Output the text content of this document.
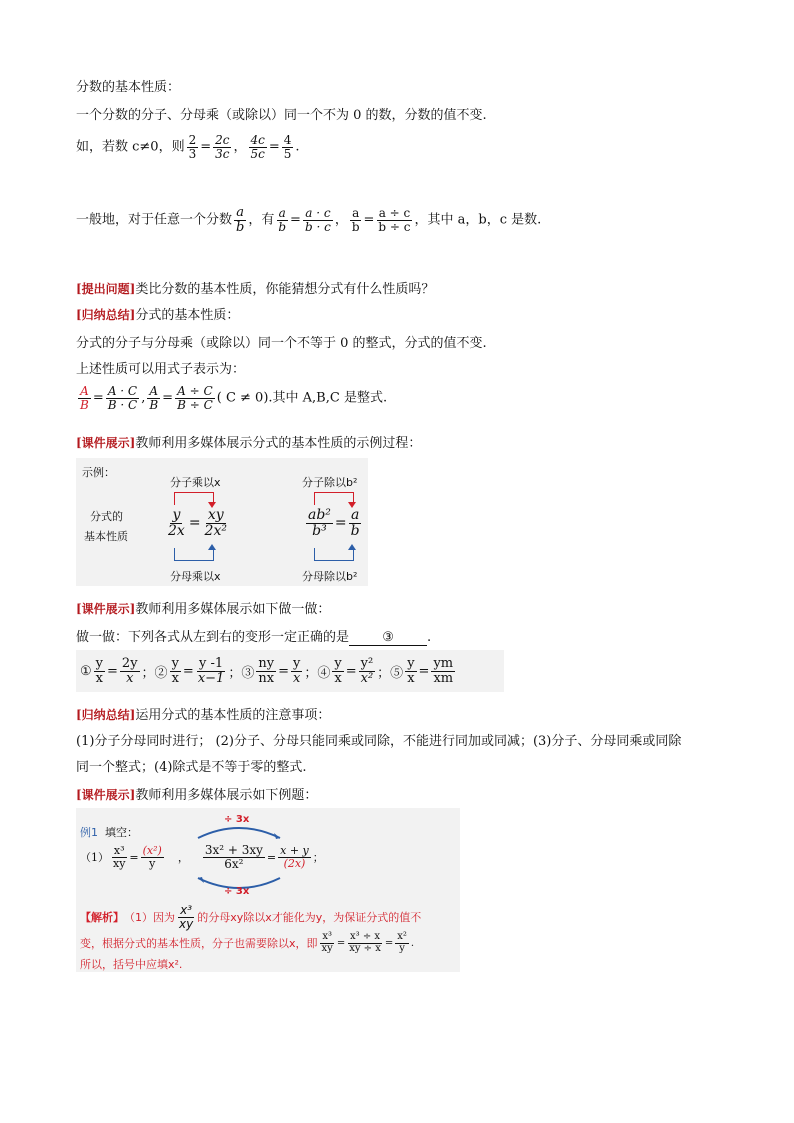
分数的基本性质：
一个分数的分子、分母乘（或除以）同一个不为 0 的数，分数的值不变.
如，若数 c≠0，则 $\frac{2}{3} = \frac{2c}{3c}$ ， $\frac{4c}{5c} = \frac{4}{5}$ .
一般地，对于任意一个分数 $\frac{a}{b}$ ，有 $\frac{a}{b} = \frac{a \cdot c}{b \cdot c}$ ， $\frac{a}{b} = \frac{a \div c}{b \div c}$ ，其中 a，b，c 是数.
[提出问题]类比分数的基本性质，你能猜想分式有什么性质吗？
[归纳总结]分式的基本性质：
分式的分子与分母乘（或除以）同一个不等于 0 的整式，分式的值不变.
上述性质可以用式子表示为：
$\frac{A}{B} = \frac{A \cdot C}{B \cdot C}$ , $\frac{A}{B} = \frac{A \div C}{B \div C}$ ( C ≠ 0).其中 A,B,C 是整式.
[课件展示]教师利用多媒体展示分式的基本性质的示例过程：
示例：
分式的
基本性质
分子乘以x
$\frac{y}{2x} = \frac{xy}{\text{2x²}}$
分母乘以x
分子除以b²
$\frac{\text{ab²}}{\text{b³}} = \frac{a}{b}$
分母除以b²
[课件展示]教师利用多媒体展示如下做一做：
做一做：下列各式从左到右的变形一定正确的是	③	.
① $\frac{y}{x} = \frac{2y}{x}$ ；② $\frac{y}{x} = \frac{y -1}{x-1}$ ；③ $\frac{ny}{nx} = \frac{y}{x}$ ；④ $\frac{y}{x} = \frac{\text{y²}}{\text{x²}}$ ；⑤ $\frac{y}{x} = \frac{ym}{xm}$
[归纳总结]运用分式的基本性质的注意事项：
(1)分子分母同时进行； (2)分子、分母只能同乘或同除，不能进行同加或同减；(3)分子、分母同乘或同除
同一个整式；(4)除式是不等于零的整式.
[课件展示]教师利用多媒体展示如下例题：
例1 填空：
÷ 3x
$(1) \frac{\text{x³}}{xy} = \frac{\text{(x²)}}{y}$ ， $\frac{\text{3x² + 3xy}}{\text{6x²}} = \frac{x + y}{(2x)}$ ；
÷ 3x
【解析】 （1）因为 $\frac{\text{x³}}{xy}$ 的分母xy除以x才能化为y，为保证分式的值不
变，根据分式的基本性质，分子也需要除以x，即 $\frac{\text{x³}}{xy} = \frac{\text{x³ ÷ x}}{xy \div x} = \frac{\text{x²}}{y}$ .
所以，括号中应填x².
